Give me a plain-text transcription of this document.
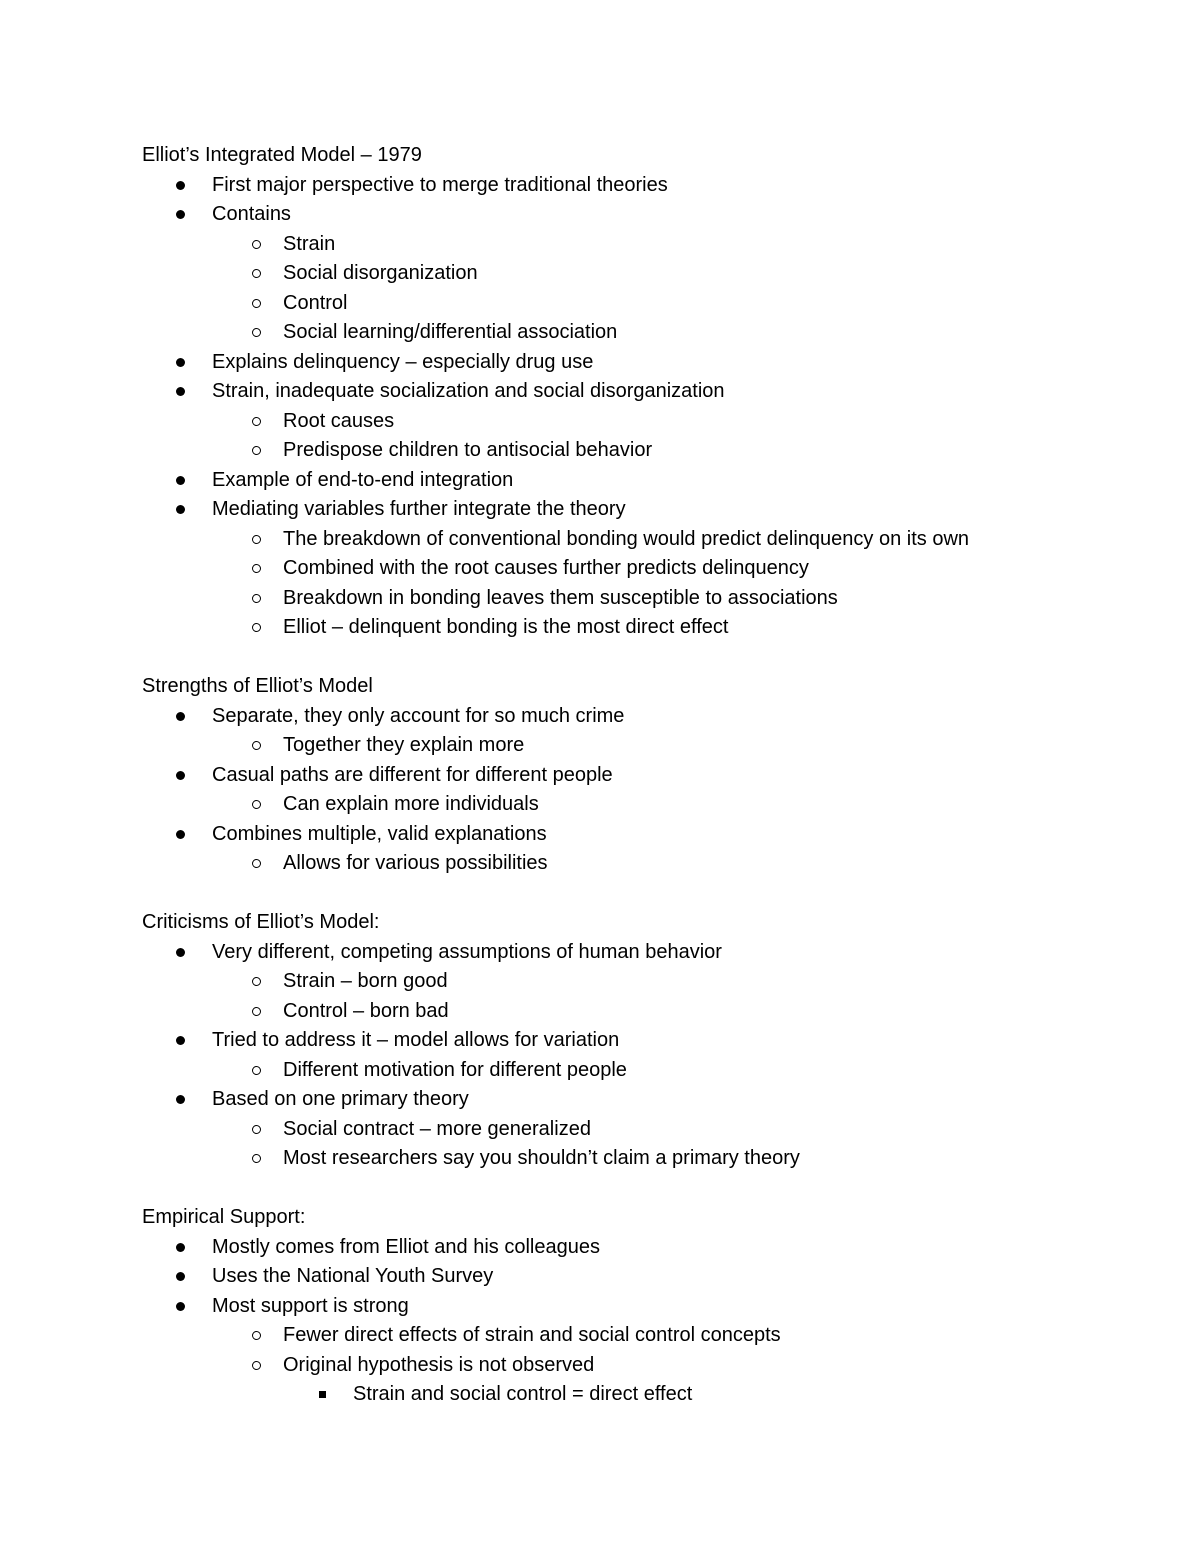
Elliot’s Integrated Model – 1979
First major perspective to merge traditional theories
Contains
Strain
Social disorganization
Control
Social learning/differential association
Explains delinquency – especially drug use
Strain, inadequate socialization and social disorganization
Root causes
Predispose children to antisocial behavior
Example of end-to-end integration
Mediating variables further integrate the theory
The breakdown of conventional bonding would predict delinquency on its own
Combined with the root causes further predicts delinquency
Breakdown in bonding leaves them susceptible to associations
Elliot – delinquent bonding is the most direct effect
Strengths of Elliot’s Model
Separate, they only account for so much crime
Together they explain more
Casual paths are different for different people
Can explain more individuals
Combines multiple, valid explanations
Allows for various possibilities
Criticisms of Elliot’s Model:
Very different, competing assumptions of human behavior
Strain – born good
Control – born bad
Tried to address it – model allows for variation
Different motivation for different people
Based on one primary theory
Social contract – more generalized
Most researchers say you shouldn’t claim a primary theory
Empirical Support:
Mostly comes from Elliot and his colleagues
Uses the National Youth Survey
Most support is strong
Fewer direct effects of strain and social control concepts
Original hypothesis is not observed
Strain and social control = direct effect
